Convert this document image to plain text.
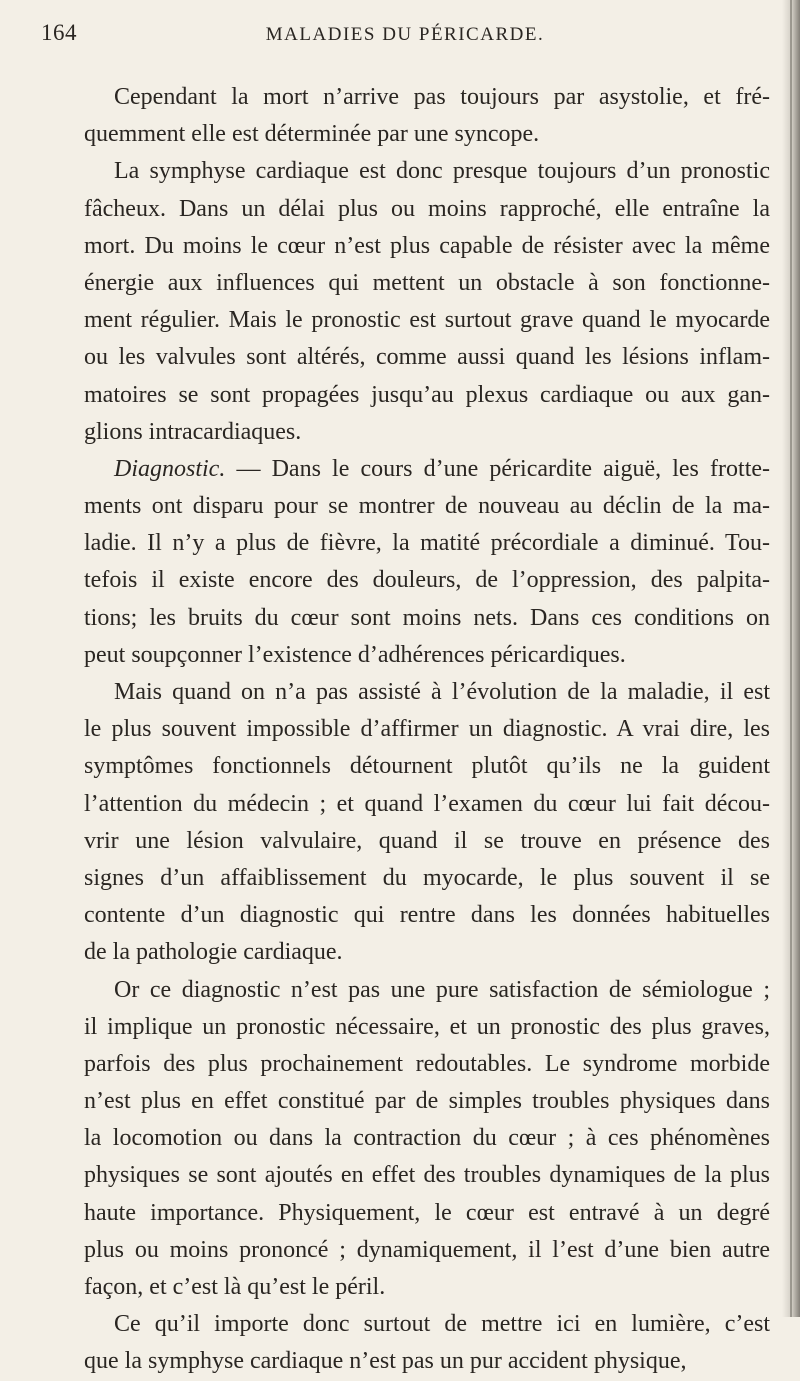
164	MALADIES DU PÉRICARDE.
Cependant la mort n’arrive pas toujours par asystolie, et fré-
quemment elle est déterminée par une syncope.
La symphyse cardiaque est donc presque toujours d’un pronostic
fâcheux. Dans un délai plus ou moins rapproché, elle entraîne la
mort. Du moins le cœur n’est plus capable de résister avec la même
énergie aux influences qui mettent un obstacle à son fonctionne-
ment régulier. Mais le pronostic est surtout grave quand le myocarde
ou les valvules sont altérés, comme aussi quand les lésions inflam-
matoires se sont propagées jusqu’au plexus cardiaque ou aux gan-
glions intracardiaques.
Diagnostic. — Dans le cours d’une péricardite aiguë, les frotte-
ments ont disparu pour se montrer de nouveau au déclin de la ma-
ladie. Il n’y a plus de fièvre, la matité précordiale a diminué. Tou-
tefois il existe encore des douleurs, de l’oppression, des palpita-
tions; les bruits du cœur sont moins nets. Dans ces conditions on
peut soupçonner l’existence d’adhérences péricardiques.
Mais quand on n’a pas assisté à l’évolution de la maladie, il est
le plus souvent impossible d’affirmer un diagnostic. A vrai dire, les
symptômes fonctionnels détournent plutôt qu’ils ne la guident
l’attention du médecin ; et quand l’examen du cœur lui fait décou-
vrir une lésion valvulaire, quand il se trouve en présence des
signes d’un affaiblissement du myocarde, le plus souvent il se
contente d’un diagnostic qui rentre dans les données habituelles
de la pathologie cardiaque.
Or ce diagnostic n’est pas une pure satisfaction de sémiologue ;
il implique un pronostic nécessaire, et un pronostic des plus graves,
parfois des plus prochainement redoutables. Le syndrome morbide
n’est plus en effet constitué par de simples troubles physiques dans
la locomotion ou dans la contraction du cœur ; à ces phénomènes
physiques se sont ajoutés en effet des troubles dynamiques de la plus
haute importance. Physiquement, le cœur est entravé à un degré
plus ou moins prononcé ; dynamiquement, il l’est d’une bien autre
façon, et c’est là qu’est le péril.
Ce qu’il importe donc surtout de mettre ici en lumière, c’est
que la symphyse cardiaque n’est pas un pur accident physique,
